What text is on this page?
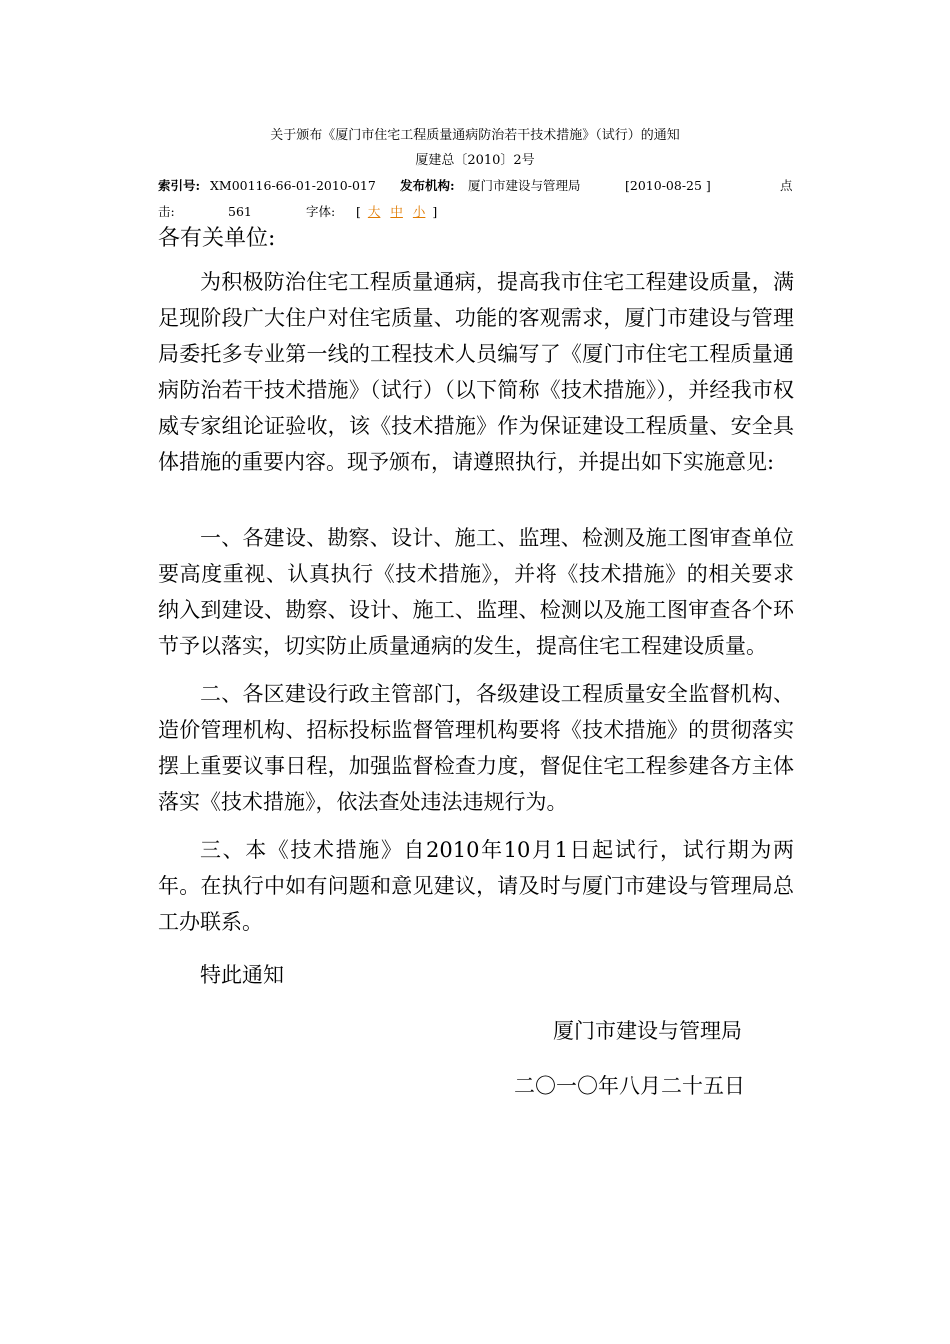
关于颁布《厦门市住宅工程质量通病防治若干技术措施》（试行）的通知
厦建总〔2010〕2号
索引号: XM00116-66-01-2010-017 发布机构: 厦门市建设与管理局	[2010-08-25 ]	点
击:	561	字体: [ 大 中 小 ]
各有关单位:

为积极防治住宅工程质量通病，提高我市住宅工程建设质量，满足现阶段广大住户对住宅质量、功能的客观需求，厦门市建设与管理局委托多专业第一线的工程技术人员编写了《厦门市住宅工程质量通病防治若干技术措施》（试行）（以下简称《技术措施》），并经我市权威专家组论证验收，该《技术措施》作为保证建设工程质量、安全具体措施的重要内容。现予颁布，请遵照执行，并提出如下实施意见:

一、各建设、勘察、设计、施工、监理、检测及施工图审查单位要高度重视、认真执行《技术措施》，并将《技术措施》的相关要求纳入到建设、勘察、设计、施工、监理、检测以及施工图审查各个环节予以落实，切实防止质量通病的发生，提高住宅工程建设质量。

二、各区建设行政主管部门，各级建设工程质量安全监督机构、造价管理机构、招标投标监督管理机构要将《技术措施》的贯彻落实摆上重要议事日程，加强监督检查力度，督促住宅工程参建各方主体落实《技术措施》，依法查处违法违规行为。

三、本《技术措施》自2010年10月1日起试行，试行期为两年。在执行中如有问题和意见建议，请及时与厦门市建设与管理局总工办联系。

特此通知
厦门市建设与管理局
二〇一〇年八月二十五日
